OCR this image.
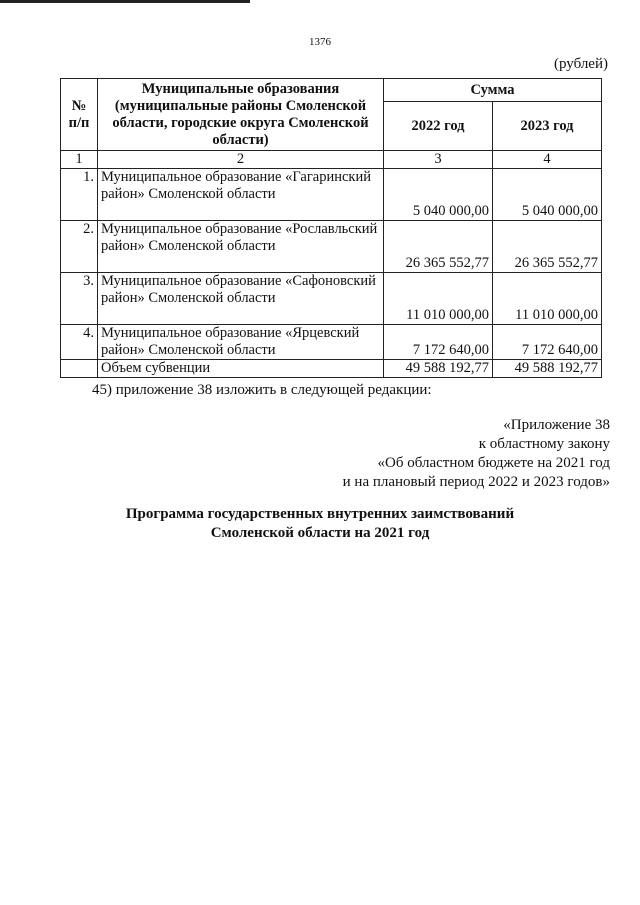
1376
(рублей)
№ п/п	Муниципальные образования (муниципальные районы Смоленской области, городские округа Смоленской области)	Сумма	
		2022 год	2023 год
1	2	3	4
1.	Муниципальное образование «Гагаринский район» Смоленской области	5 040 000,00	5 040 000,00
2.	Муниципальное образование «Рославльский район» Смоленской области	26 365 552,77	26 365 552,77
3.	Муниципальное образование «Сафоновский район» Смоленской области	11 010 000,00	11 010 000,00
4.	Муниципальное образование «Ярцевский район» Смоленской области	7 172 640,00	7 172 640,00
	Объем субвенции	49 588 192,77	49 588 192,77
45) приложение 38 изложить в следующей редакции:
«Приложение 38
к областному закону
«Об областном бюджете на 2021 год
и на плановый период 2022 и 2023 годов»
Программа государственных внутренних заимствований
Смоленской области на 2021 год
